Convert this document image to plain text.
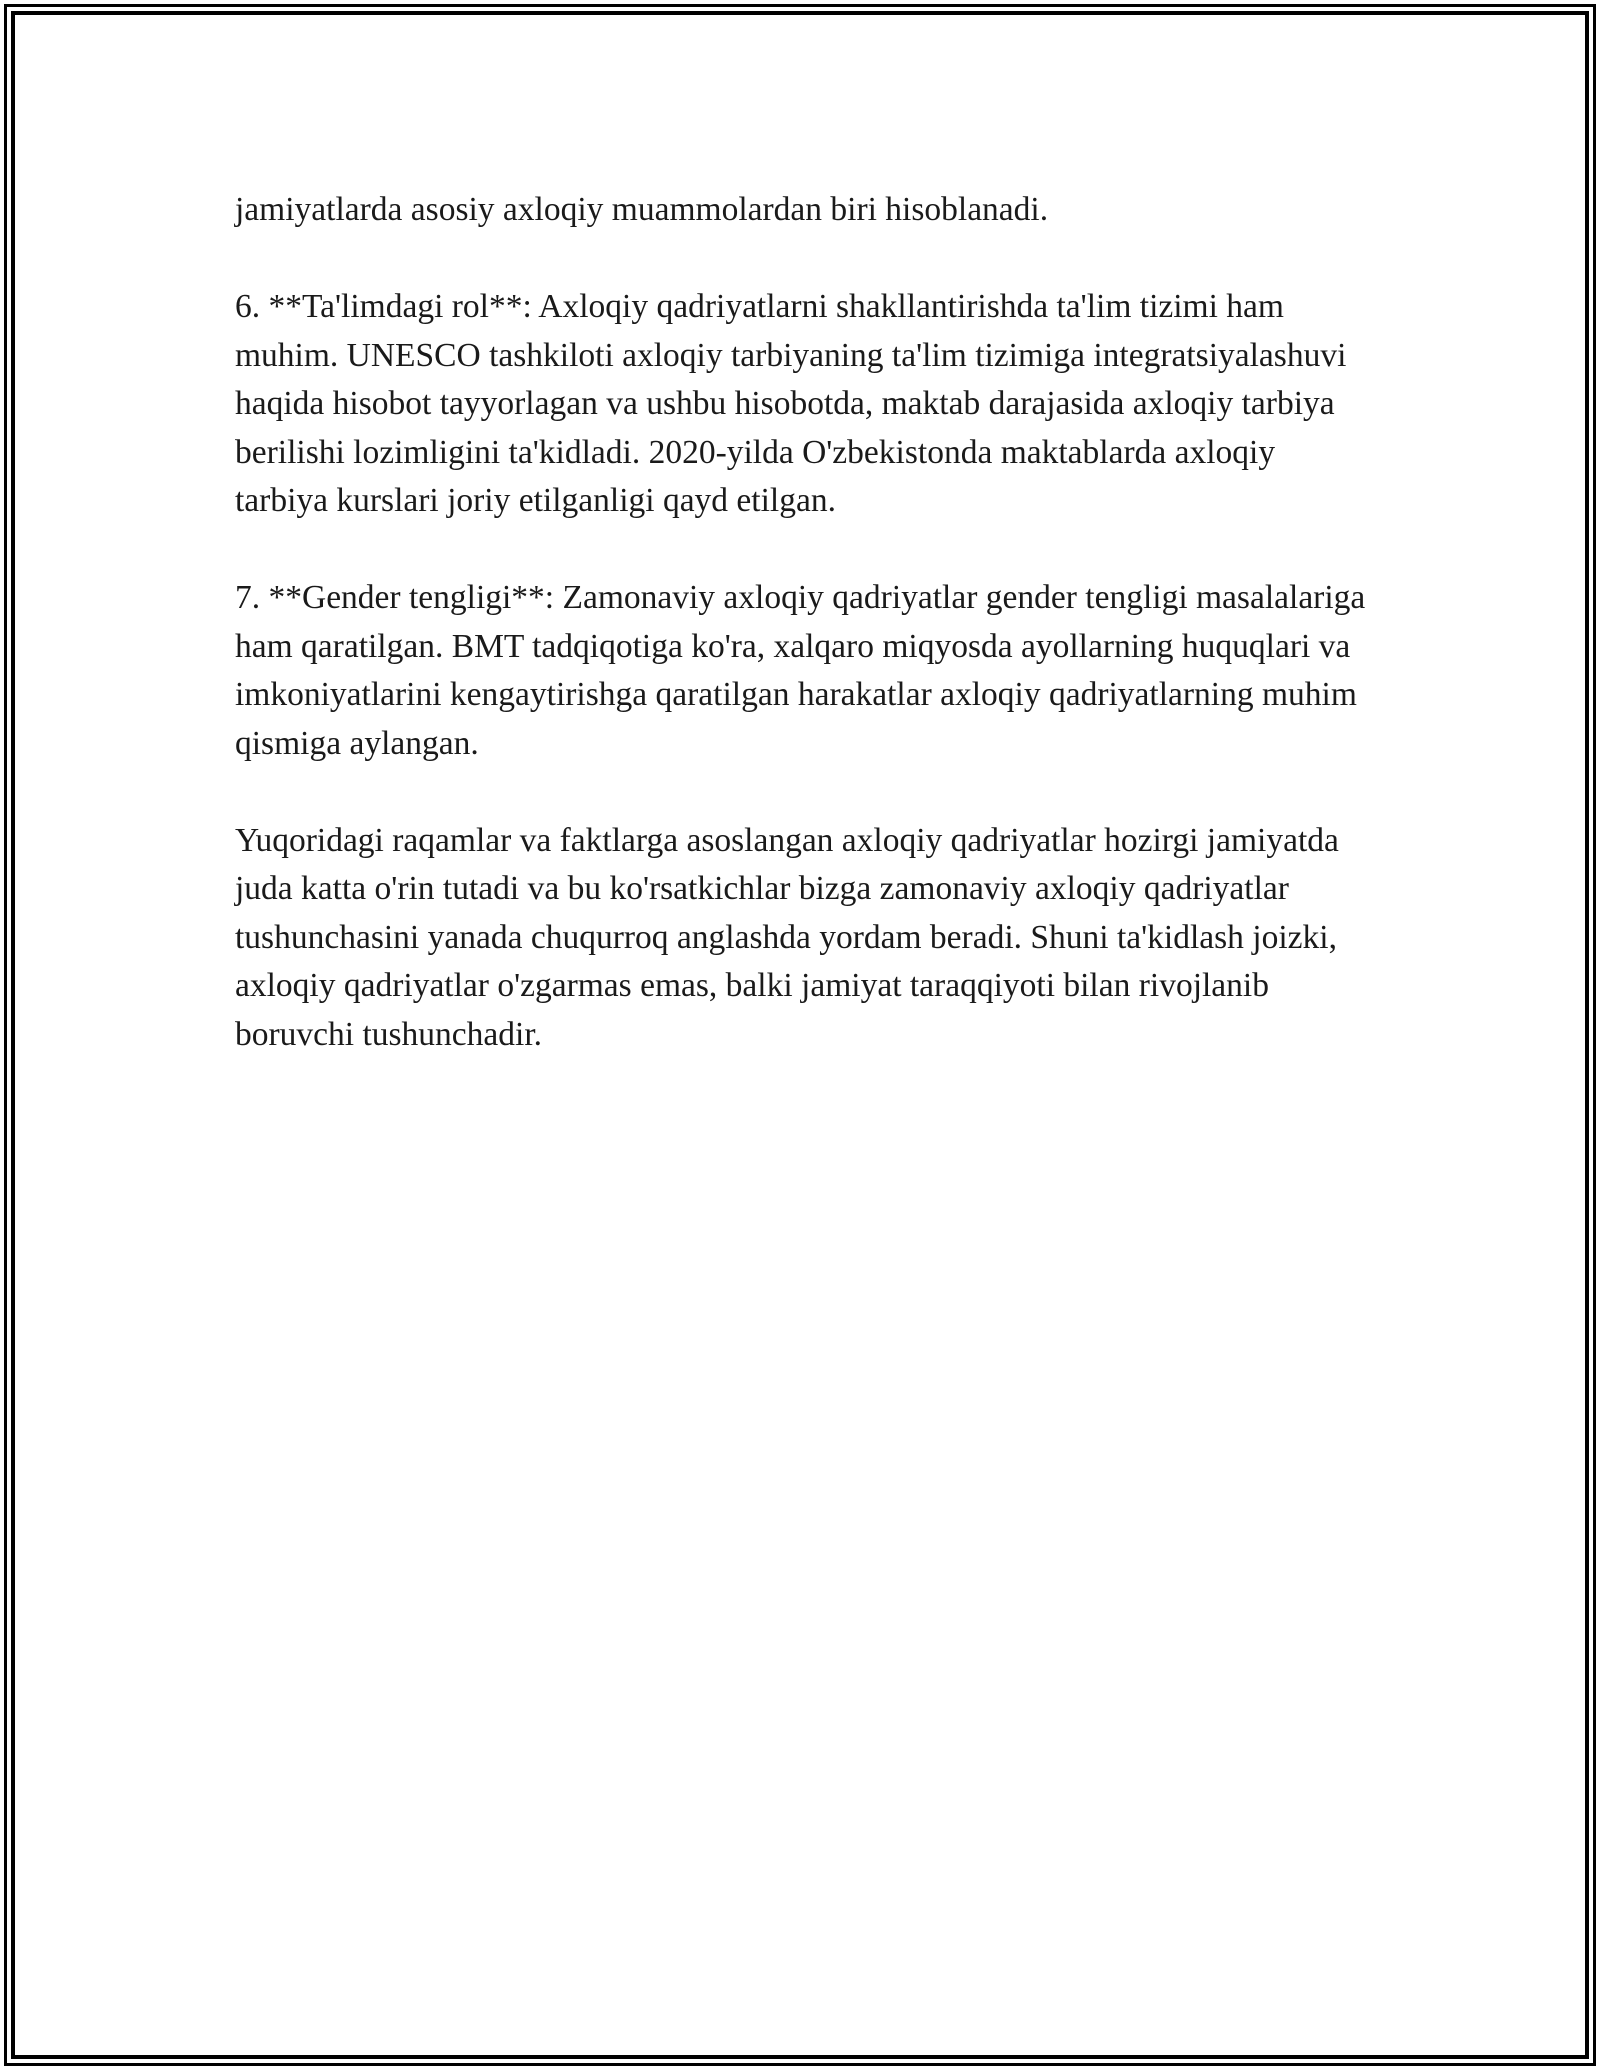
jamiyatlarda asosiy axloqiy muammolardan biri hisoblanadi.

6. **Ta'limdagi rol**: Axloqiy qadriyatlarni shakllantirishda ta'lim tizimi ham muhim. UNESCO tashkiloti axloqiy tarbiyaning ta'lim tizimiga integratsiyalashuvi haqida hisobot tayyorlagan va ushbu hisobotda, maktab darajasida axloqiy tarbiya berilishi lozimligini ta'kidladi. 2020-yilda O'zbekistonda maktablarda axloqiy tarbiya kurslari joriy etilganligi qayd etilgan.

7. **Gender tengligi**: Zamonaviy axloqiy qadriyatlar gender tengligi masalalariga ham qaratilgan. BMT tadqiqotiga ko'ra, xalqaro miqyosda ayollarning huquqlari va imkoniyatlarini kengaytirishga qaratilgan harakatlar axloqiy qadriyatlarning muhim qismiga aylangan.

Yuqoridagi raqamlar va faktlarga asoslangan axloqiy qadriyatlar hozirgi jamiyatda juda katta o'rin tutadi va bu ko'rsatkichlar bizga zamonaviy axloqiy qadriyatlar tushunchasini yanada chuqurroq anglashda yordam beradi. Shuni ta'kidlash joizki, axloqiy qadriyatlar o'zgarmas emas, balki jamiyat taraqqiyoti bilan rivojlanib boruvchi tushunchadir.
